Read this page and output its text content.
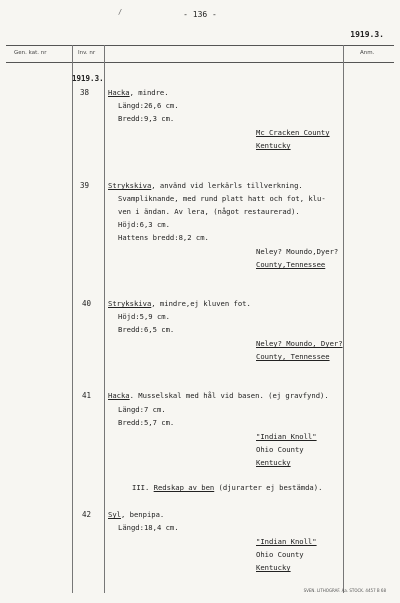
- 136 -
/
1919.3.
Gen. kat. nr	Inv. nr	Anm.
1919.3.
38	Hacka, mindre.
Längd:26,6 cm.
Bredd:9,3 cm.
Mc Cracken County
Kentucky
39	Strykskiva, använd vid lerkärls tillverkning.
Svampliknande, med rund platt hatt och fot, klu-
ven i ändan. Av lera, (något restaurerad).
Höjd:6,3 cm.
Hattens bredd:8,2 cm.
Neley? Moundo,Dyer?
County,Tennessee
40 Strykskiva, mindre,ej kluven fot.
Höjd:5,9 cm.
Bredd:6,5 cm.
Neley? Moundo, Dyer?
County, Tennessee
41 Hacka. Musselskal med hål vid basen. (ej gravfynd).
Längd:7 cm.
Bredd:5,7 cm.
"Indian Knoll"
Ohio County
Kentucky
III. Redskap av ben (djurarter ej bestämda).
42 Syl, benpipa.
Längd:18,4 cm.
"Indian Knoll"
Ohio County
Kentucky
SVEN. LITHOGRAF. Aa. STOCK. 4457 B 68
